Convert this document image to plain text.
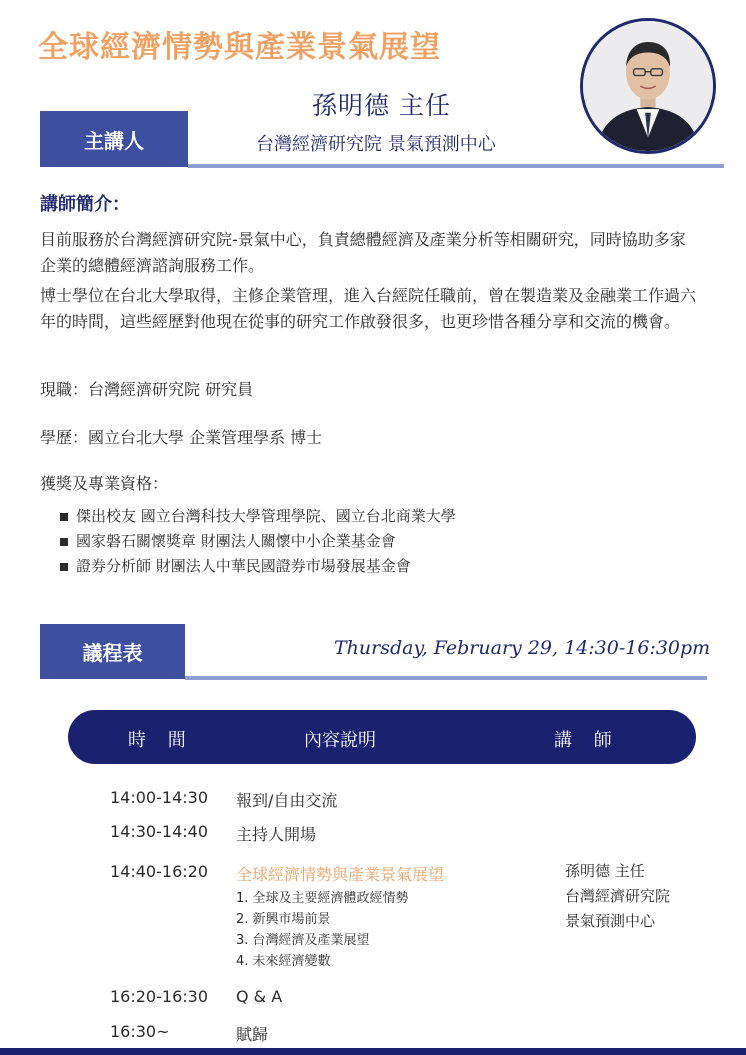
全球經濟情勢與產業景氣展望
主講人
孫明德 主任
台灣經濟研究院 景氣預測中心
講師簡介：
目前服務於台灣經濟研究院-景氣中心，負責總體經濟及產業分析等相關研究，同時協助多家企業的總體經濟諮詢服務工作。
博士學位在台北大學取得，主修企業管理，進入台經院任職前，曾在製造業及金融業工作過六年的時間，這些經歷對他現在從事的研究工作啟發很多，也更珍惜各種分享和交流的機會。
現職：台灣經濟研究院 研究員
學歷：國立台北大學 企業管理學系 博士
獲獎及專業資格：
傑出校友 國立台灣科技大學管理學院、國立台北商業大學
國家磐石關懷獎章 財團法人關懷中小企業基金會
證券分析師 財團法人中華民國證券市場發展基金會
議程表	Thursday, February 29, 14:30-16:30pm
時 間	內容說明	講 師
14:00-14:30 報到/自由交流
14:30-14:40 主持人開場
14:40-16:20 全球經濟情勢與產業景氣展望
1. 全球及主要經濟體政經情勢
2. 新興市場前景
3. 台灣經濟及產業展望
4. 未來經濟變數
孫明德 主任
台灣經濟研究院
景氣預測中心
16:20-16:30 Q & A
16:30~	賦歸
